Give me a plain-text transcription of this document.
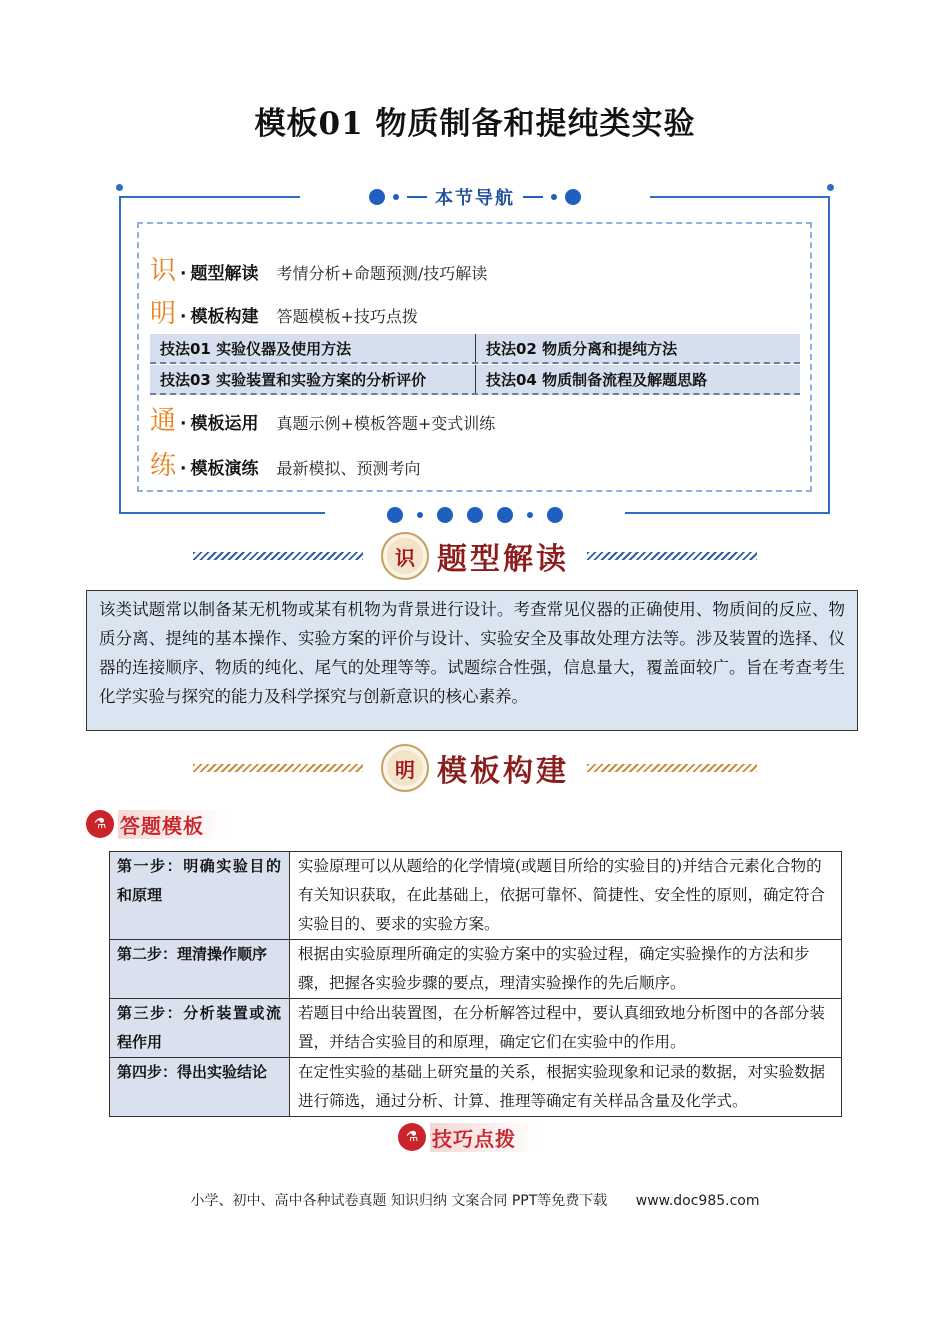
模板01 物质制备和提纯类实验
本节导航
识 · 题型解读 考情分析+命题预测/技巧解读
明 · 模板构建 答题模板+技巧点拨
技法01 实验仪器及使用方法	技法02 物质分离和提纯方法
技法03 实验装置和实验方案的分析评价	技法04 物质制备流程及解题思路
通 · 模板运用 真题示例+模板答题+变式训练
练 · 模板演练 最新模拟、预测考向
识 题型解读
该类试题常以制备某无机物或某有机物为背景进行设计。考查常见仪器的正确使用、物质间的反应、物质分离、提纯的基本操作、实验方案的评价与设计、实验安全及事故处理方法等。涉及装置的选择、仪器的连接顺序、物质的纯化、尾气的处理等等。试题综合性强，信息量大，覆盖面较广。旨在考查考生化学实验与探究的能力及科学探究与创新意识的核心素养。
明 模板构建
⚗ 答题模板
第一步：明确实验目的和原理	实验原理可以从题给的化学情境(或题目所给的实验目的)并结合元素化合物的有关知识获取，在此基础上，依据可靠怀、简捷性、安全性的原则，确定符合实验目的、要求的实验方案。
第二步：理清操作顺序	根据由实验原理所确定的实验方案中的实验过程，确定实验操作的方法和步骤，把握各实验步骤的要点，理清实验操作的先后顺序。
第三步：分析装置或流程作用	若题目中给出装置图，在分析解答过程中，要认真细致地分析图中的各部分装置，并结合实验目的和原理，确定它们在实验中的作用。
第四步：得出实验结论	在定性实验的基础上研究量的关系，根据实验现象和记录的数据，对实验数据进行筛选，通过分析、计算、推理等确定有关样品含量及化学式。
⚗ 技巧点拨
小学、初中、高中各种试卷真题 知识归纳 文案合同 PPT等免费下载 www.doc985.com
